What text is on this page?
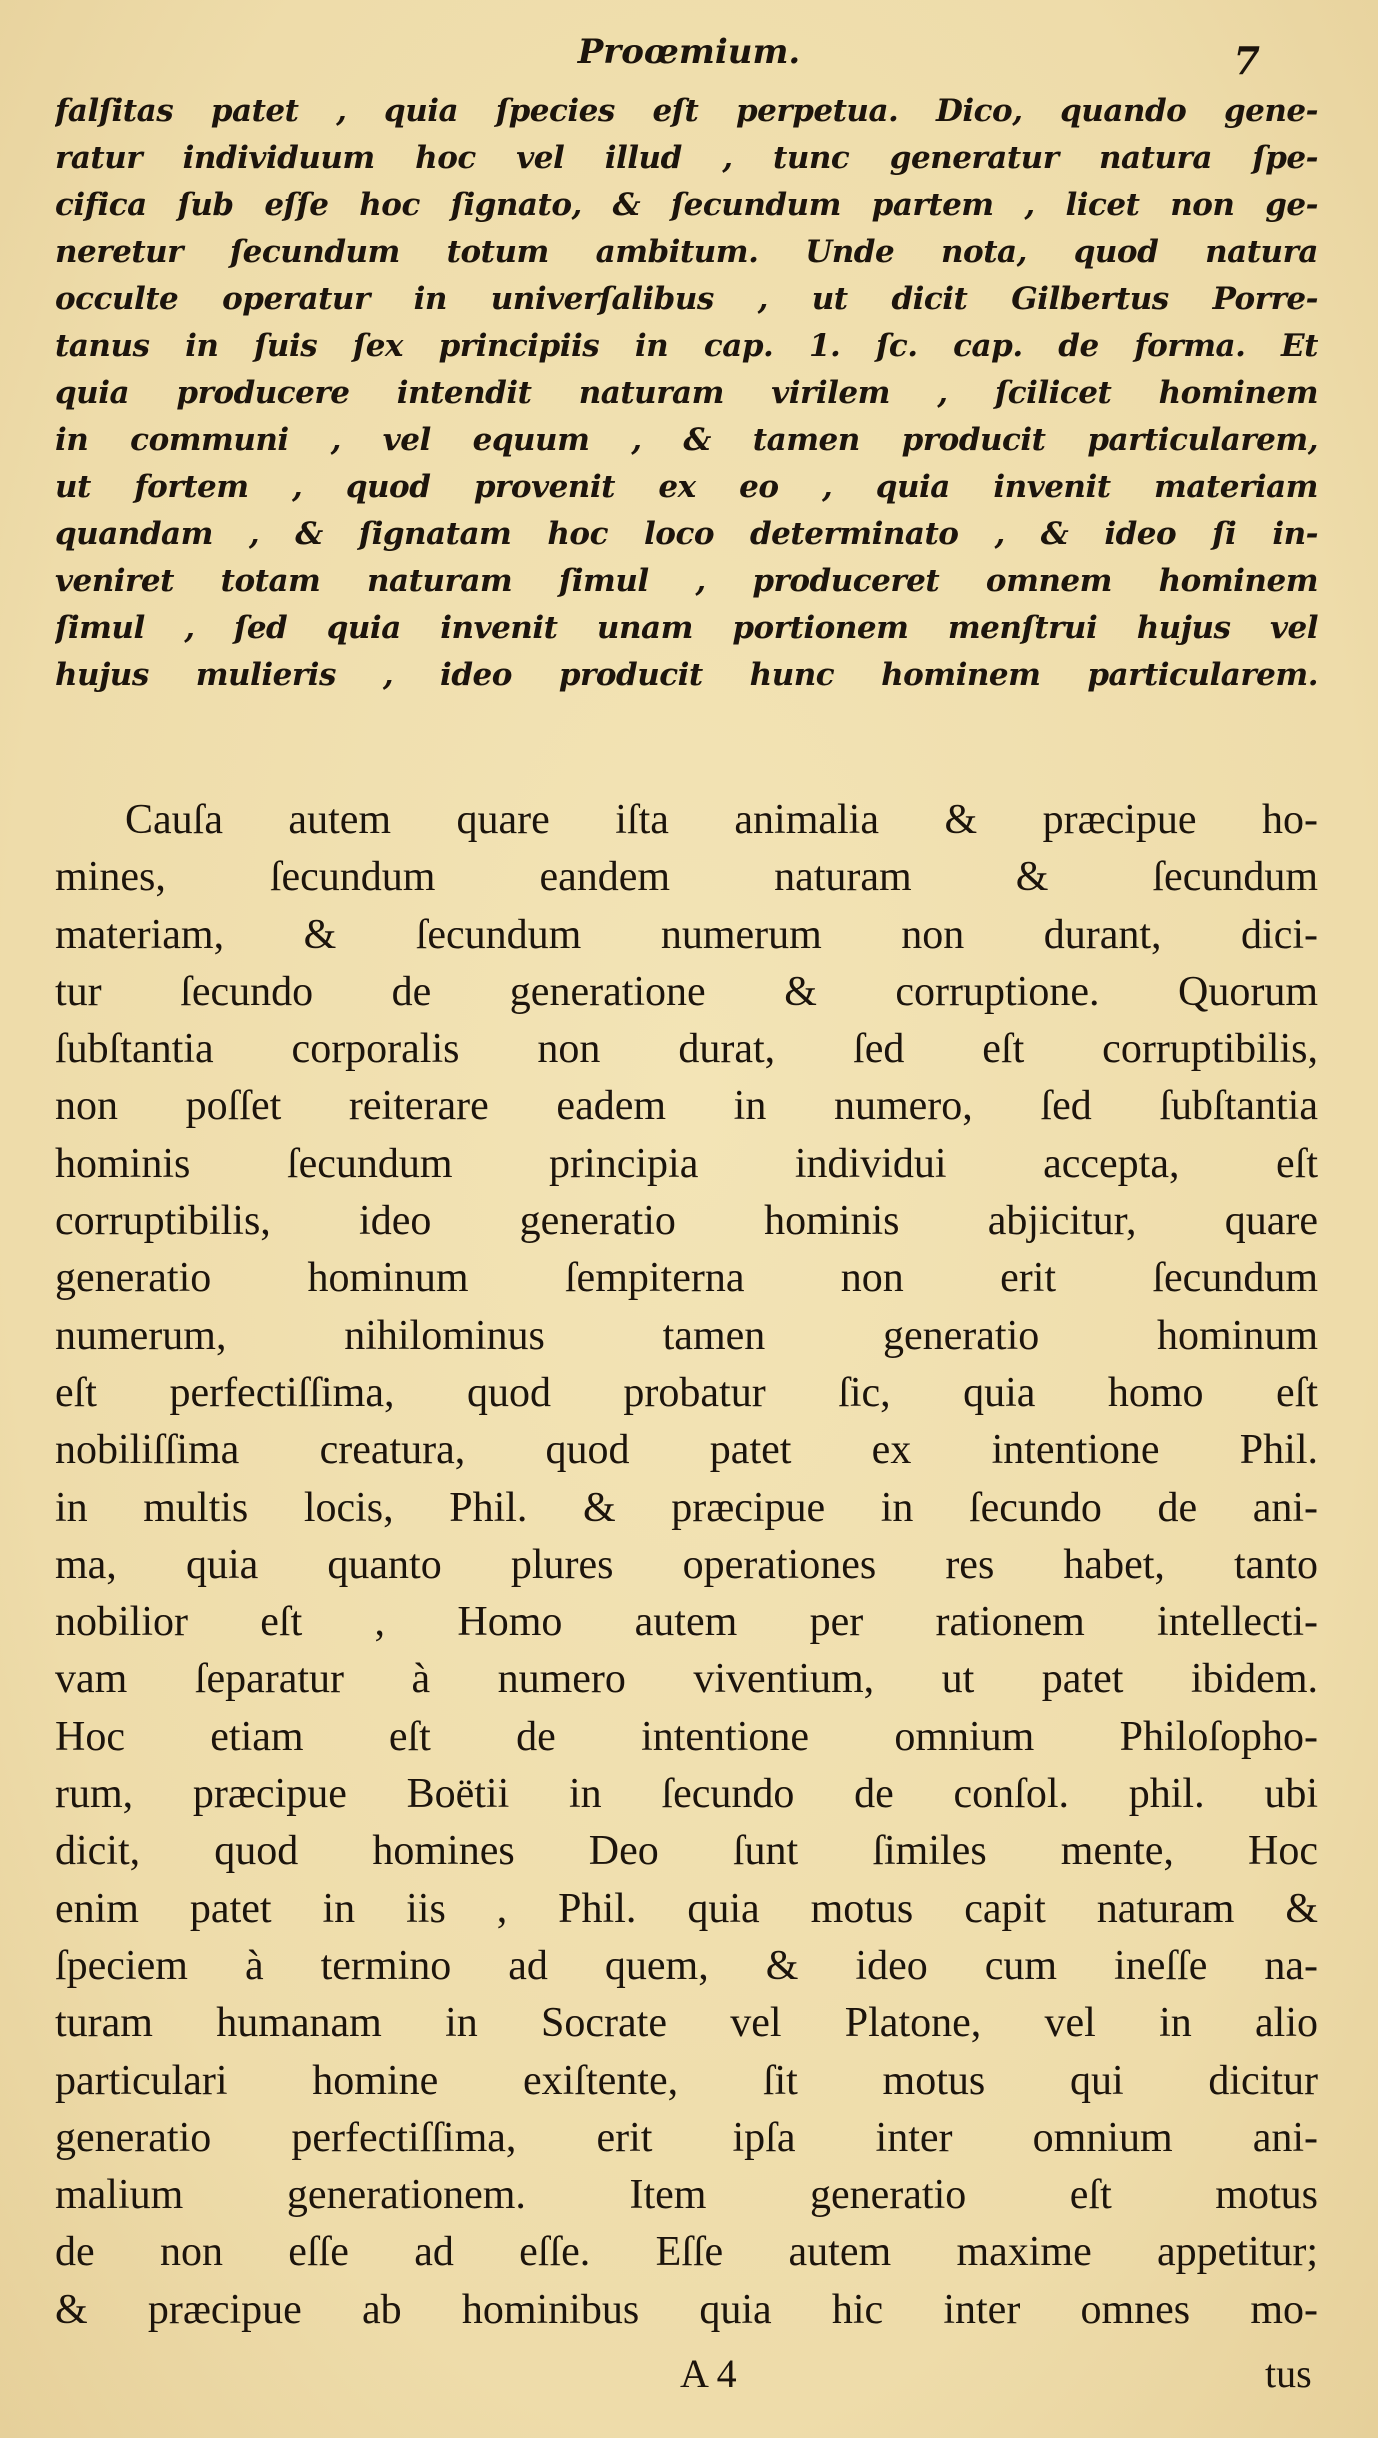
Proœmium.	7
falſitas patet , quia ſpecies eſt perpetua. Dico, quando gene-
ratur individuum hoc vel illud , tunc generatur natura ſpe-
cifica ſub eſſe hoc ſignato, & ſecundum partem , licet non ge-
neretur ſecundum totum ambitum. Unde nota, quod natura
occulte operatur in univerſalibus , ut dicit Gilbertus Porre-
tanus in ſuis ſex principiis in cap. 1. ſc. cap. de forma. Et
quia producere intendit naturam virilem , ſcilicet hominem
in communi , vel equum , & tamen producit particularem,
ut fortem , quod provenit ex eo , quia invenit materiam
quandam , & ſignatam hoc loco determinato , & ideo ſi in-
veniret totam naturam ſimul , produceret omnem hominem
ſimul , ſed quia invenit unam portionem menſtrui hujus vel
hujus mulieris , ideo producit hunc hominem particularem.
Cauſa autem quare iſta animalia & præcipue ho-
mines, ſecundum eandem naturam & ſecundum
materiam, & ſecundum numerum non durant, dici-
tur ſecundo de generatione & corruptione. Quorum
ſubſtantia corporalis non durat, ſed eſt corruptibilis,
non poſſet reiterare eadem in numero, ſed ſubſtantia
hominis ſecundum principia individui accepta, eſt
corruptibilis, ideo generatio hominis abjicitur, quare
generatio hominum ſempiterna non erit ſecundum
numerum, nihilominus tamen generatio hominum
eſt perfectiſſima, quod probatur ſic, quia homo eſt
nobiliſſima creatura, quod patet ex intentione Phil.
in multis locis, Phil. & præcipue in ſecundo de ani-
ma, quia quanto plures operationes res habet, tanto
nobilior eſt , Homo autem per rationem intellecti-
vam ſeparatur à numero viventium, ut patet ibidem.
Hoc etiam eſt de intentione omnium Philoſopho-
rum, præcipue Boëtii in ſecundo de conſol. phil. ubi
dicit, quod homines Deo ſunt ſimiles mente, Hoc
enim patet in iis , Phil. quia motus capit naturam &
ſpeciem à termino ad quem, & ideo cum ineſſe na-
turam humanam in Socrate vel Platone, vel in alio
particulari homine exiſtente, ſit motus qui dicitur
generatio perfectiſſima, erit ipſa inter omnium ani-
malium generationem. Item generatio eſt motus
de non eſſe ad eſſe. Eſſe autem maxime appetitur;
& præcipue ab hominibus quia hic inter omnes mo-
A 4	tus
